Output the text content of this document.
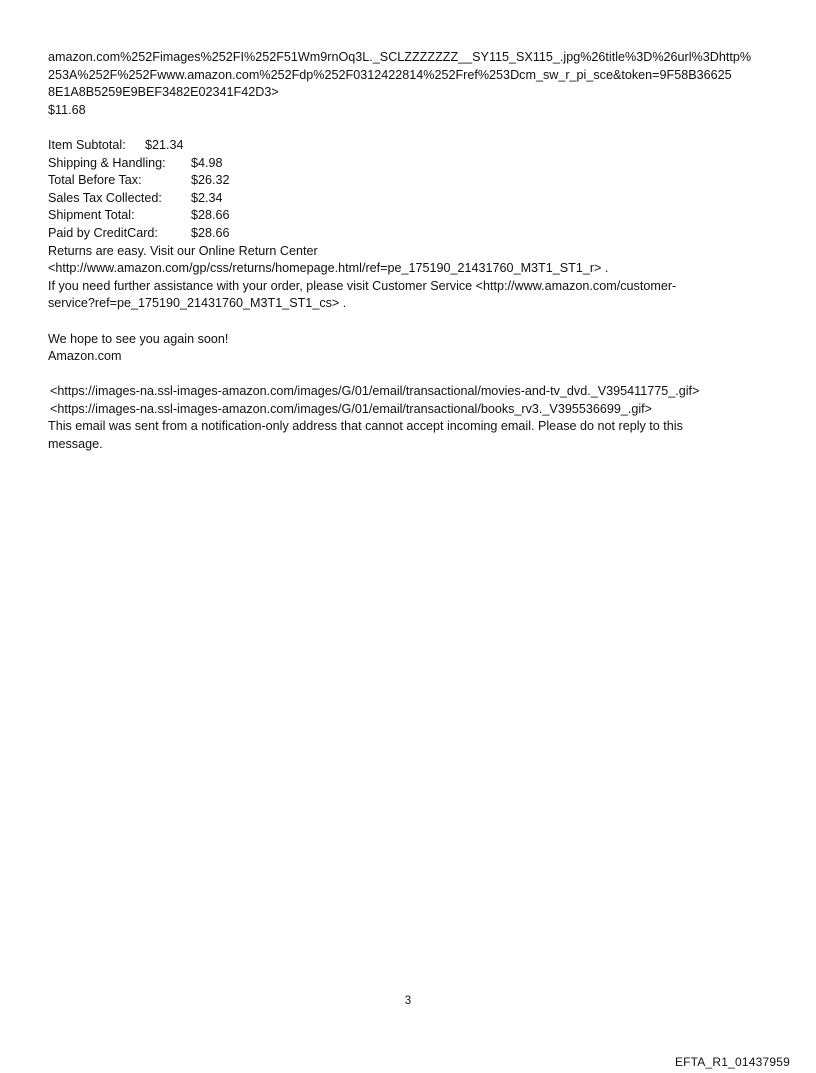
amazon.com%252Fimages%252FI%252F51Wm9rnOq3L._SCLZZZZZZZ__SY115_SX115_.jpg%26title%3D%26url%3Dhttp%
253A%252F%252Fwww.amazon.com%252Fdp%252F0312422814%252Fref%253Dcm_sw_r_pi_sce&token=9F58B36625
8E1A8B5259E9BEF3482E02341F42D3>
$11.68
Item Subtotal:	$21.34
Shipping & Handling:	$4.98
Total Before Tax:	$26.32
Sales Tax Collected:	$2.34
Shipment Total:	$28.66
Paid by CreditCard:	$28.66
Returns are easy. Visit our Online Return Center
<http://www.amazon.com/gp/css/returns/homepage.html/ref=pe_175190_21431760_M3T1_ST1_r> .
If you need further assistance with your order, please visit Customer Service <http://www.amazon.com/customer-
service?ref=pe_175190_21431760_M3T1_ST1_cs> .
We hope to see you again soon!
Amazon.com
<https://images-na.ssl-images-amazon.com/images/G/01/email/transactional/movies-and-tv_dvd._V395411775_.gif>
<https://images-na.ssl-images-amazon.com/images/G/01/email/transactional/books_rv3._V395536699_.gif>
This email was sent from a notification-only address that cannot accept incoming email. Please do not reply to this
message.
3
EFTA_R1_01437959
